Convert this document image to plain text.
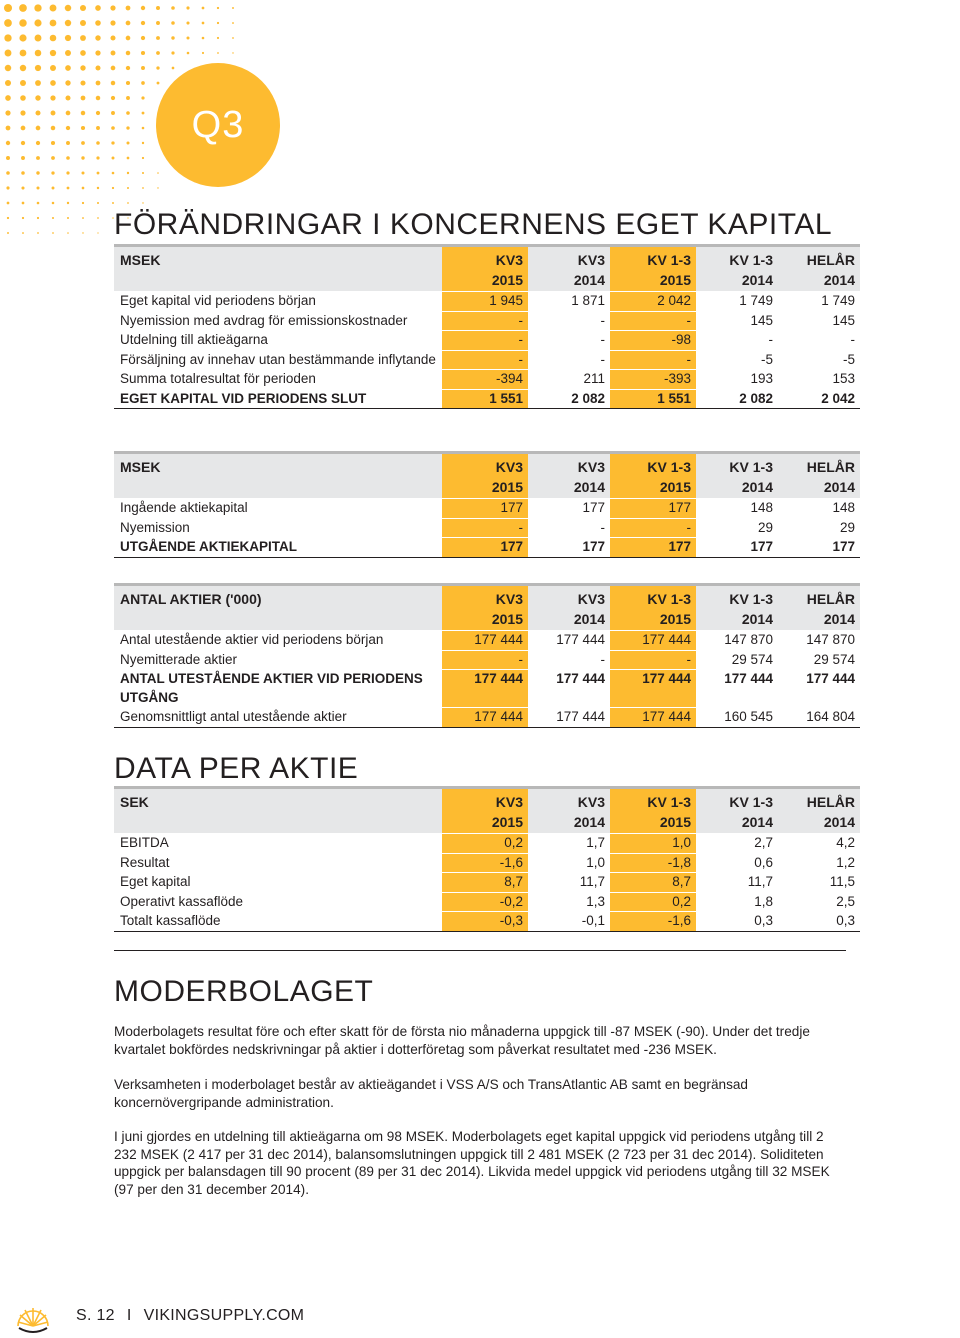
Q3
FÖRÄNDRINGAR I KONCERNENS EGET KAPITAL
MSEK	KV3	KV3	KV 1-3	KV 1-3	HELÅR
	2015	2014	2015	2014	2014
Eget kapital vid periodens början	1 945	1 871	2 042	1 749	1 749
Nyemission med avdrag för emissionskostnader	-	-	-	145	145
Utdelning till aktieägarna	-	-	-98	-	-
Försäljning av innehav utan bestämmande inflytande	-	-	-	-5	-5
Summa totalresultat för perioden	-394	211	-393	193	153
EGET KAPITAL VID PERIODENS SLUT	1 551	2 082	1 551	2 082	2 042
MSEK	KV3	KV3	KV 1-3	KV 1-3	HELÅR
	2015	2014	2015	2014	2014
Ingående aktiekapital	177	177	177	148	148
Nyemission	-	-	-	29	29
UTGÅENDE AKTIEKAPITAL	177	177	177	177	177
ANTAL AKTIER ('000)	KV3	KV3	KV 1-3	KV 1-3	HELÅR
	2015	2014	2015	2014	2014
Antal utestående aktier vid periodens början	177 444	177 444	177 444	147 870	147 870
Nyemitterade aktier	-	-	-	29 574	29 574
ANTAL UTESTÅENDE AKTIER VID PERIODENS UTGÅNG	177 444	177 444	177 444	177 444	177 444
Genomsnittligt antal utestående aktier	177 444	177 444	177 444	160 545	164 804
DATA PER AKTIE
SEK	KV3	KV3	KV 1-3	KV 1-3	HELÅR
	2015	2014	2015	2014	2014
EBITDA	0,2	1,7	1,0	2,7	4,2
Resultat	-1,6	1,0	-1,8	0,6	1,2
Eget kapital	8,7	11,7	8,7	11,7	11,5
Operativt kassaflöde	-0,2	1,3	0,2	1,8	2,5
Totalt kassaflöde	-0,3	-0,1	-1,6	0,3	0,3
MODERBOLAGET

Moderbolagets resultat före och efter skatt för de första nio månaderna uppgick till -87 MSEK (-90). Under det tredje kvartalet bokfördes nedskrivningar på aktier i dotterföretag som påverkat resultatet med -236 MSEK.

Verksamheten i moderbolaget består av aktieägandet i VSS A/S och TransAtlantic AB samt en begränsad koncernövergripande administration.

I juni gjordes en utdelning till aktieägarna om 98 MSEK. Moderbolagets eget kapital uppgick vid periodens utgång till 2 232 MSEK (2 417 per 31 dec 2014), balansomslutningen uppgick till 2 481 MSEK (2 723 per 31 dec 2014). Soliditeten uppgick per balansdagen till 90 procent (89 per 31 dec 2014). Likvida medel uppgick vid periodens utgång till 32 MSEK (97 per den 31 december 2014).

S. 12 I VIKINGSUPPLY.COM
